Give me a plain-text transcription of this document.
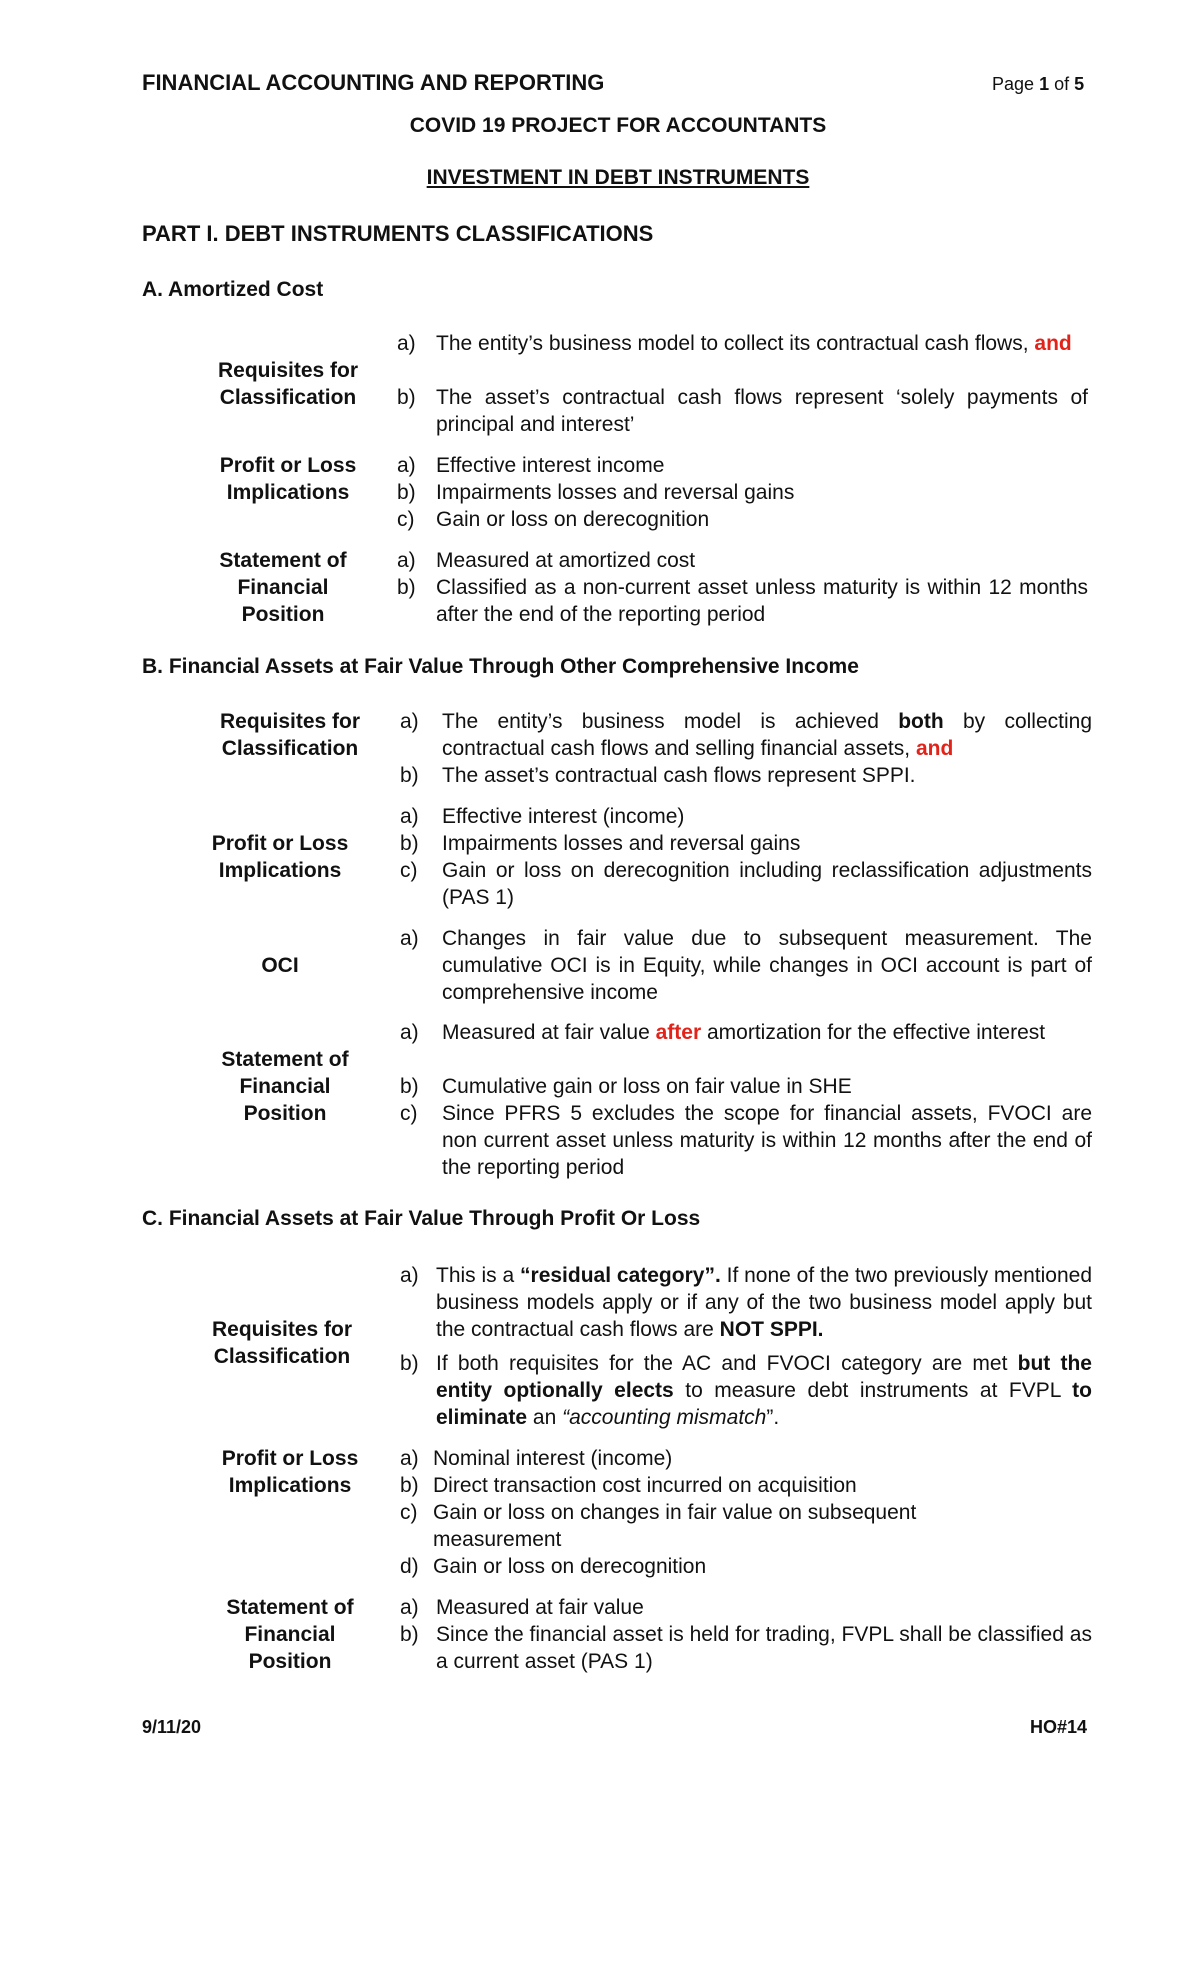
FINANCIAL ACCOUNTING AND REPORTING	Page 1 of 5
COVID 19 PROJECT FOR ACCOUNTANTS
INVESTMENT IN DEBT INSTRUMENTS
PART I. DEBT INSTRUMENTS CLASSIFICATIONS
A. Amortized Cost
Requisites for Classification
a) The entity’s business model to collect its contractual cash flows, and
b) The asset’s contractual cash flows represent ‘solely payments of principal and interest’
Profit or Loss Implications
a) Effective interest income
b) Impairments losses and reversal gains
c) Gain or loss on derecognition
Statement of Financial Position
a) Measured at amortized cost
b) Classified as a non-current asset unless maturity is within 12 months after the end of the reporting period
B. Financial Assets at Fair Value Through Other Comprehensive Income
Requisites for Classification
a) The entity’s business model is achieved both by collecting contractual cash flows and selling financial assets, and
b) The asset’s contractual cash flows represent SPPI.
Profit or Loss Implications
a) Effective interest (income)
b) Impairments losses and reversal gains
c) Gain or loss on derecognition including reclassification adjustments (PAS 1)
OCI
a) Changes in fair value due to subsequent measurement. The cumulative OCI is in Equity, while changes in OCI account is part of comprehensive income
Statement of Financial Position
a) Measured at fair value after amortization for the effective interest
b) Cumulative gain or loss on fair value in SHE
c) Since PFRS 5 excludes the scope for financial assets, FVOCI are non current asset unless maturity is within 12 months after the end of the reporting period
C. Financial Assets at Fair Value Through Profit Or Loss
Requisites for Classification
a) This is a “residual category”. If none of the two previously mentioned business models apply or if any of the two business model apply but the contractual cash flows are NOT SPPI.
b) If both requisites for the AC and FVOCI category are met but the entity optionally elects to measure debt instruments at FVPL to eliminate an “accounting mismatch”.
Profit or Loss Implications
a) Nominal interest (income)
b) Direct transaction cost incurred on acquisition
c) Gain or loss on changes in fair value on subsequent measurement
d) Gain or loss on derecognition
Statement of Financial Position
a) Measured at fair value
b) Since the financial asset is held for trading, FVPL shall be classified as a current asset (PAS 1)
9/11/20	HO#14
